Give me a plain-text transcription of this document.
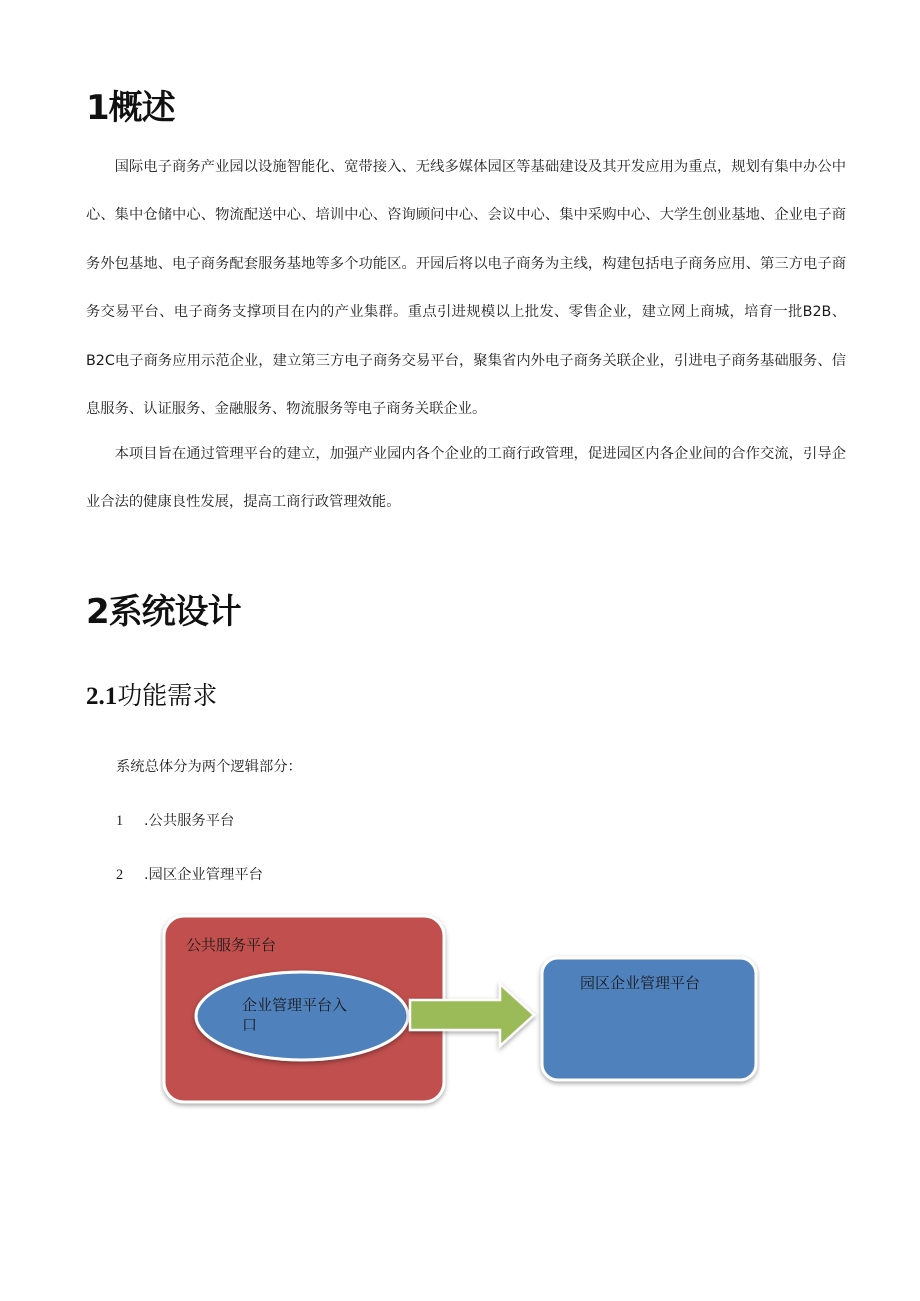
1概述

国际电子商务产业园以设施智能化、宽带接入、无线多媒体园区等基础建设及其开发应用为重点，规划有集中办公中心、集中仓储中心、物流配送中心、培训中心、咨询顾问中心、会议中心、集中采购中心、大学生创业基地、企业电子商务外包基地、电子商务配套服务基地等多个功能区。开园后将以电子商务为主线，构建包括电子商务应用、第三方电子商务交易平台、电子商务支撑项目在内的产业集群。重点引进规模以上批发、零售企业，建立网上商城，培育一批B2B、B2C电子商务应用示范企业，建立第三方电子商务交易平台，聚集省内外电子商务关联企业，引进电子商务基础服务、信息服务、认证服务、金融服务、物流服务等电子商务关联企业。

本项目旨在通过管理平台的建立，加强产业园内各个企业的工商行政管理，促进园区内各企业间的合作交流，引导企业合法的健康良性发展，提高工商行政管理效能。

2系统设计
2.1功能需求

系统总体分为两个逻辑部分：

1 .公共服务平台

2 .园区企业管理平台

公共服务平台
企业管理平台入
口
园区企业管理平台
